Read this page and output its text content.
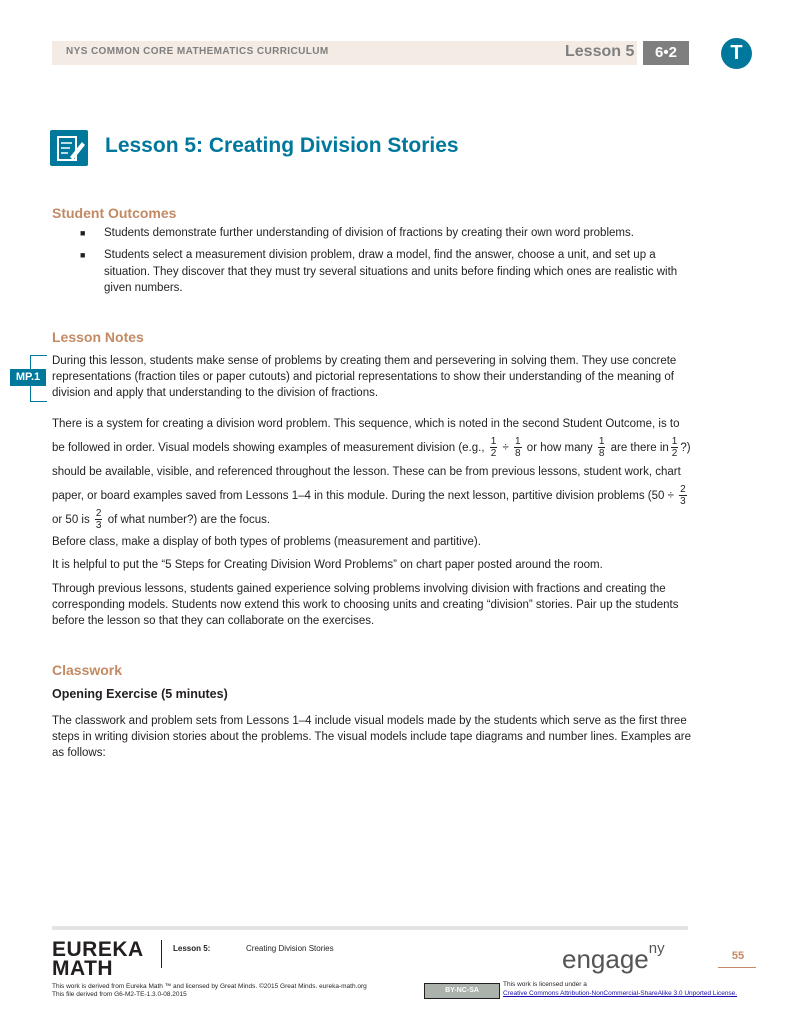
NYS COMMON CORE MATHEMATICS CURRICULUM	Lesson 5	6•2	T
Lesson 5: Creating Division Stories
Student Outcomes
■ Students demonstrate further understanding of division of fractions by creating their own word problems.
■ Students select a measurement division problem, draw a model, find the answer, choose a unit, and set up a situation. They discover that they must try several situations and units before finding which ones are realistic with given numbers.
Lesson Notes
MP.1
During this lesson, students make sense of problems by creating them and persevering in solving them. They use concrete representations (fraction tiles or paper cutouts) and pictorial representations to show their understanding of the meaning of division and apply that understanding to the division of fractions.
There is a system for creating a division word problem. This sequence, which is noted in the second Student Outcome, is to be followed in order. Visual models showing examples of measurement division (e.g., $\frac{1}{2} \div \frac{1}{8}$ or how many $\frac{1}{8}$ are there in $\frac{1}{2}$ ?) should be available, visible, and referenced throughout the lesson. These can be from previous lessons, student work, chart paper, or board examples saved from Lessons 1–4 in this module. During the next lesson, partitive division problems ($50 \div \frac{2}{3}$
or 50 is $\frac{2}{3}$ of what number?) are the focus.
Before class, make a display of both types of problems (measurement and partitive).
It is helpful to put the “5 Steps for Creating Division Word Problems” on chart paper posted around the room.
Through previous lessons, students gained experience solving problems involving division with fractions and creating the corresponding models. Students now extend this work to choosing units and creating “division” stories. Pair up the students before the lesson so that they can collaborate on the exercises.
Classwork
Opening Exercise (5 minutes)
The classwork and problem sets from Lessons 1–4 include visual models made by the students which serve as the first three steps in writing division stories about the problems. The visual models include tape diagrams and number lines. Examples are as follows:
EUREKA
MATH
Lesson 5:	Creating Division Stories	engage$^{ny}$	55
This work is derived from Eureka Math ™ and licensed by Great Minds. ©2015 Great Minds. eureka-math.org
This file derived from G6-M2-TE-1.3.0-08.2015
BY-NC-SA
This work is licensed under a
Creative Commons Attribution-NonCommercial-ShareAlike 3.0 Unported License.
